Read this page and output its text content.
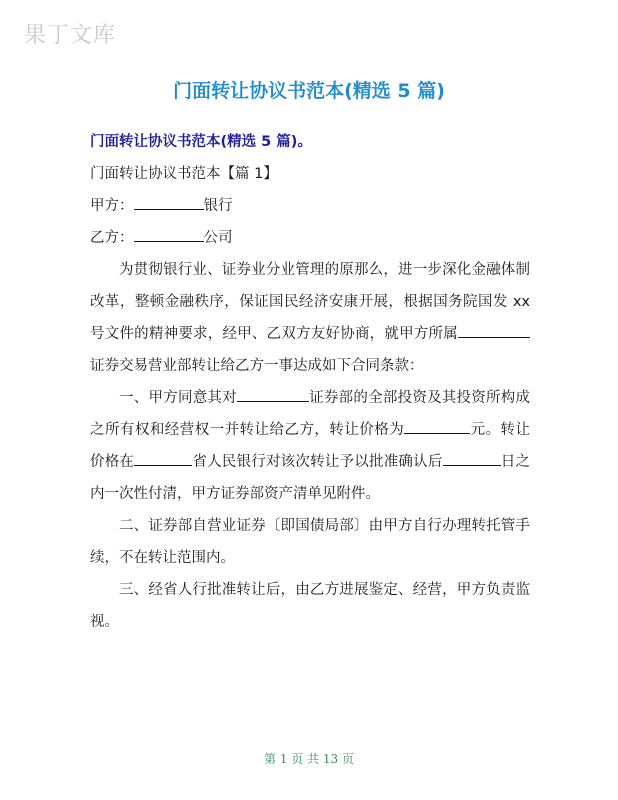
果丁文库
门面转让协议书范本(精选 5 篇)
门面转让协议书范本(精选 5 篇)。
门面转让协议书范本【篇 1】
甲方：	银行
乙方：	公司

为贯彻银行业、证券业分业管理的原那么，进一步深化金融体制改革，整顿金融秩序，保证国民经济安康开展，根据国务院国发 xx 号文件的精神要求，经甲、乙双方友好协商，就甲方所属证券交易营业部转让给乙方一事达成如下合同条款：

一、甲方同意其对	证券部的全部投资及其投资所构成之所有权和经营权一并转让给乙方，转让价格为	元。转让价格在	省人民银行对该次转让予以批准确认后	日之内一次性付清，甲方证券部资产清单见附件。

二、证券部自营业证券〔即国债局部〕由甲方自行办理转托管手续，不在转让范围内。

三、经省人行批准转让后，由乙方进展鉴定、经营，甲方负责监视。

第 1 页 共 13 页
